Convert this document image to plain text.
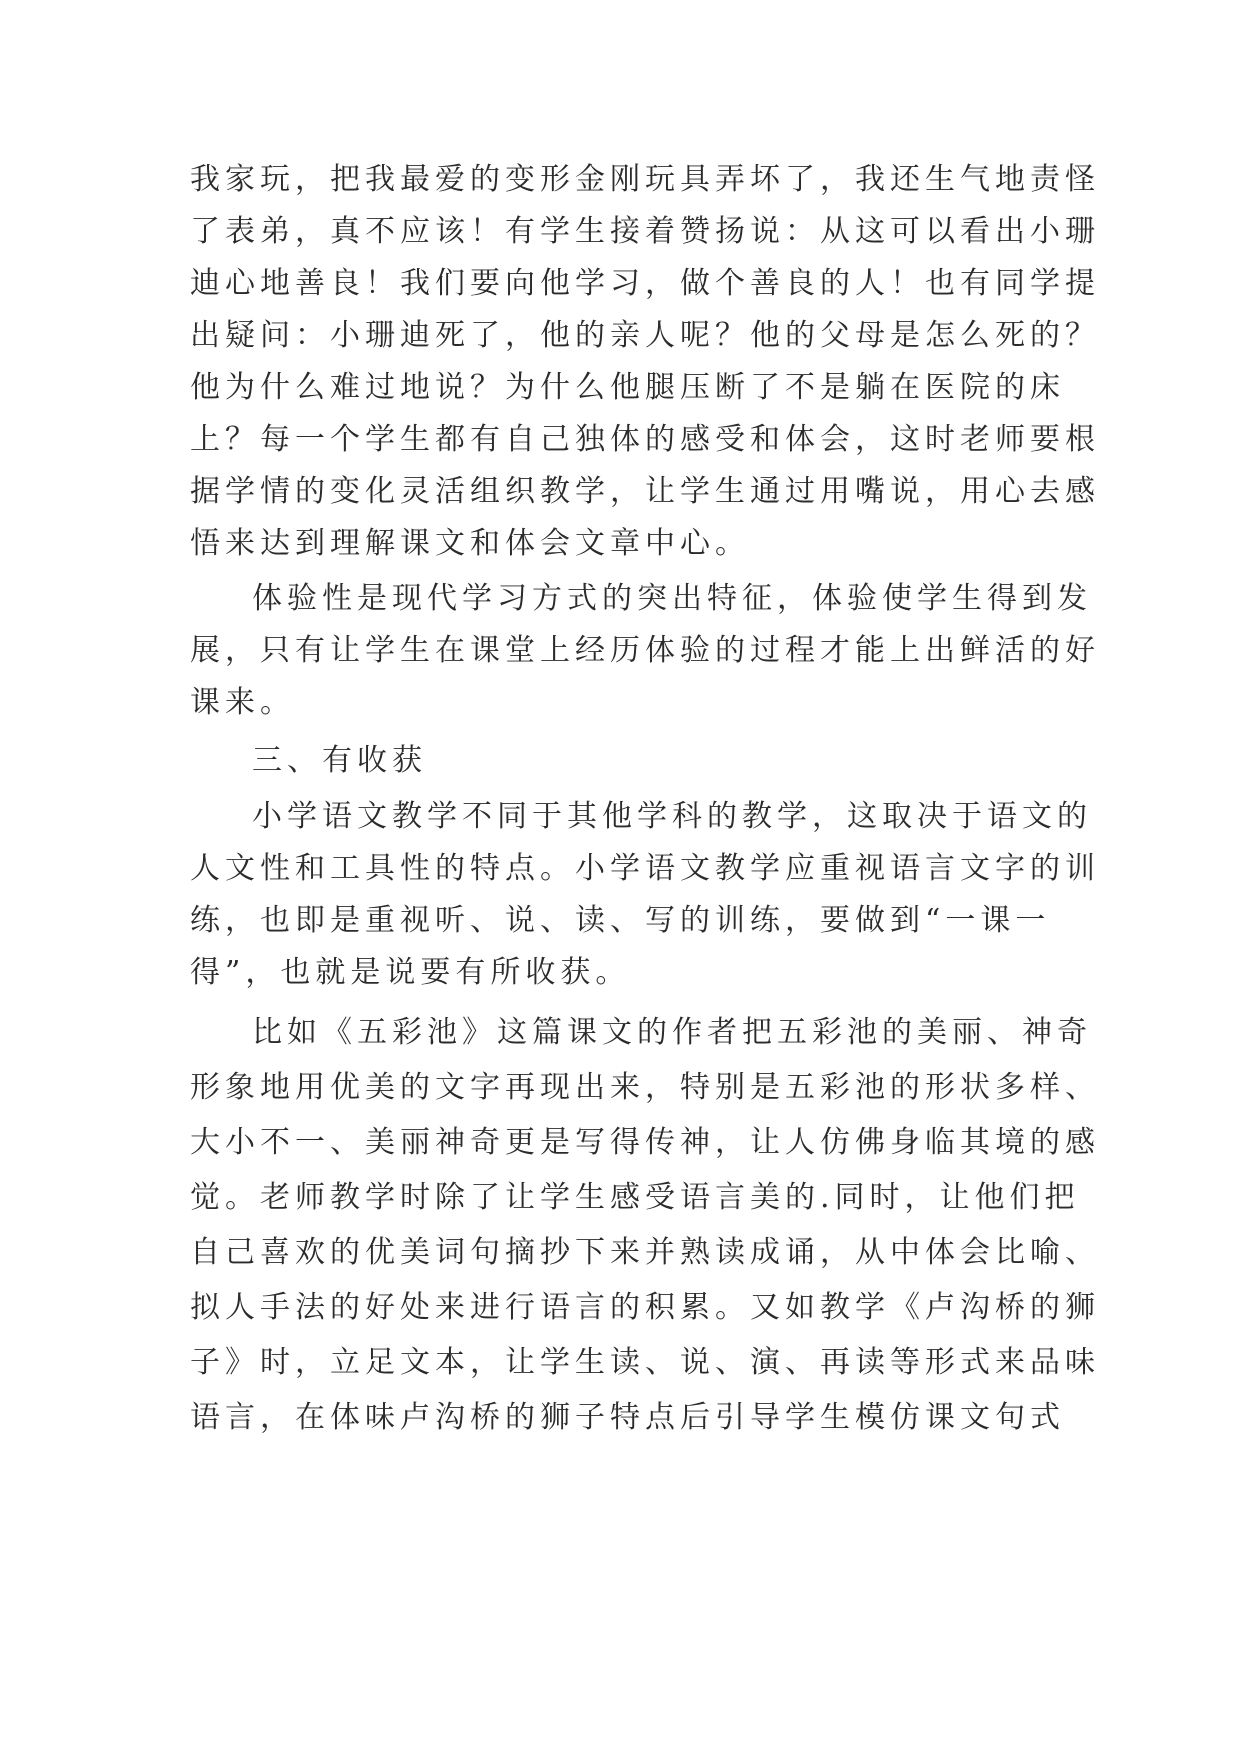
我家玩，把我最爱的变形金刚玩具弄坏了，我还生气地责怪
了表弟，真不应该！有学生接着赞扬说：从这可以看出小珊
迪心地善良！我们要向他学习，做个善良的人！也有同学提
出疑问：小珊迪死了，他的亲人呢？他的父母是怎么死的？
他为什么难过地说？为什么他腿压断了不是躺在医院的床
上？每一个学生都有自己独体的感受和体会，这时老师要根
据学情的变化灵活组织教学，让学生通过用嘴说，用心去感
悟来达到理解课文和体会文章中心。
体验性是现代学习方式的突出特征，体验使学生得到发
展，只有让学生在课堂上经历体验的过程才能上出鲜活的好
课来。
三、有收获
小学语文教学不同于其他学科的教学，这取决于语文的
人文性和工具性的特点。小学语文教学应重视语言文字的训
练，也即是重视听、说、读、写的训练，要做到“一课一
得”，也就是说要有所收获。
比如《五彩池》这篇课文的作者把五彩池的美丽、神奇
形象地用优美的文字再现出来，特别是五彩池的形状多样、
大小不一、美丽神奇更是写得传神，让人仿佛身临其境的感
觉。老师教学时除了让学生感受语言美的.同时，让他们把
自己喜欢的优美词句摘抄下来并熟读成诵，从中体会比喻、
拟人手法的好处来进行语言的积累。又如教学《卢沟桥的狮
子》时，立足文本，让学生读、说、演、再读等形式来品味
语言，在体味卢沟桥的狮子特点后引导学生模仿课文句式
